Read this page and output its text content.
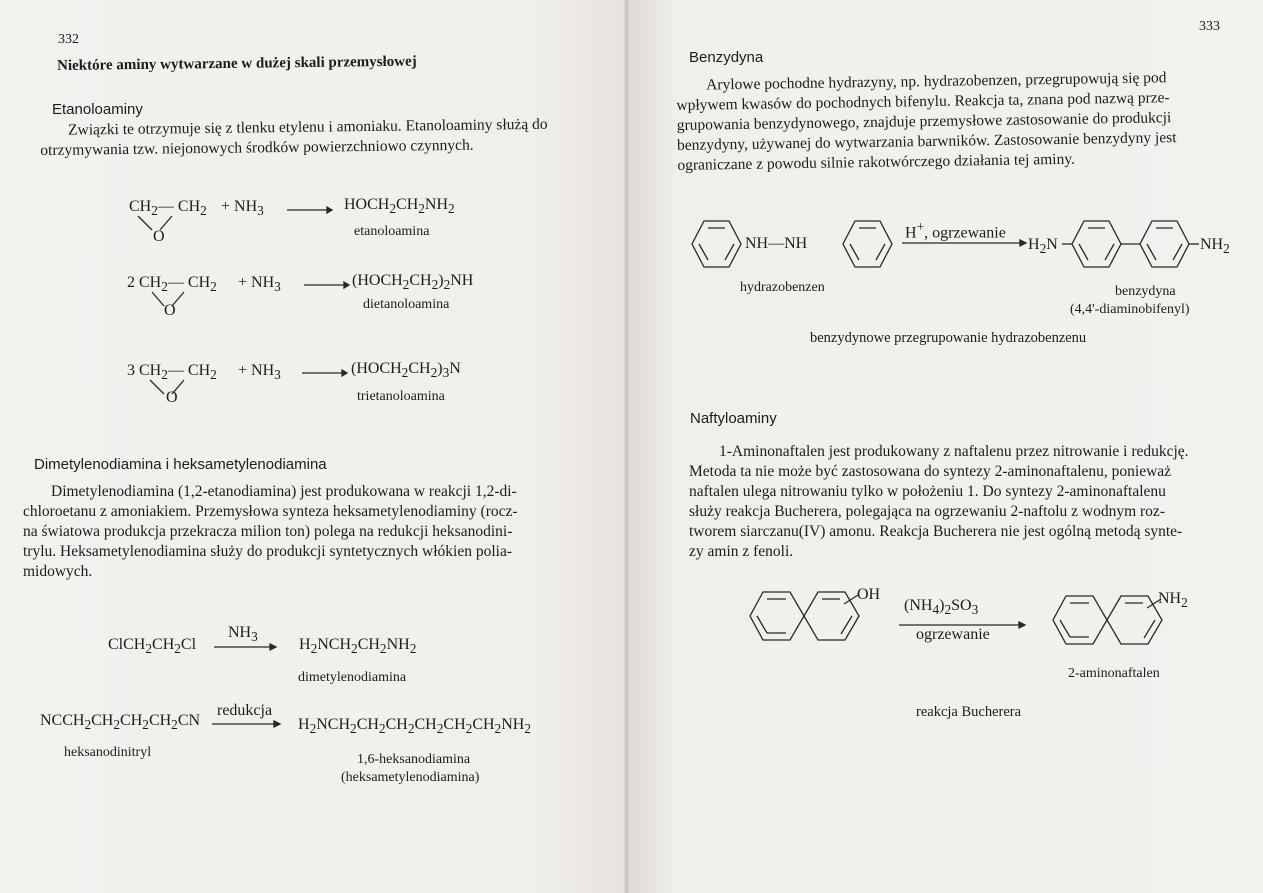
332
Niektóre aminy wytwarzane w dużej skali przemysłowej
Etanoloaminy
Związki te otrzymuje się z tlenku etylenu i amoniaku. Etanoloaminy służą do
otrzymywania tzw. niejonowych środków powierzchniowo czynnych.
$CH_2—$ $CH_2$
O
+ $NH_3$	$HOCH_2CH_2NH_2$
etanoloamina
2 $CH_2—$ $CH_2$
O
+ $NH_3$	$(HOCH_2CH_2)_2NH$
dietanoloamina
3 $CH_2—$ $CH_2$
O
+ $NH_3$	$(HOCH_2CH_2)_3N$
trietanoloamina
Dimetylenodiamina i heksametylenodiamina
Dimetylenodiamina (1,2-etanodiamina) jest produkowana w reakcji 1,2-di-
chloroetanu z amoniakiem. Przemysłowa synteza heksametylenodiaminy (rocz-
na światowa produkcja przekracza milion ton) polega na redukcji heksanodini-
trylu. Heksametylenodiamina służy do produkcji syntetycznych włókien polia-
midowych.
$ClCH_2CH_2Cl$
$NH_3$	$H_2NCH_2CH_2NH_2$
dimetylenodiamina
$NCCH_2CH_2CH_2CH_2CN$
heksanodinitryl
redukcja
$H_2NCH_2CH_2CH_2CH_2CH_2CH_2NH_2$
1,6-heksanodiamina
(heksametylenodiamina)
333
Benzydyna
Arylowe pochodne hydrazyny, np. hydrazobenzen, przegrupowują się pod
wpływem kwasów do pochodnych bifenylu. Reakcja ta, znana pod nazwą prze-
grupowania benzydynowego, znajduje przemysłowe zastosowanie do produkcji
benzydyny, używanej do wytwarzania barwników. Zastosowanie benzydyny jest
ograniczane z powodu silnie rakotwórczego działania tej aminy.
NH—NH
hydrazobenzen
H+, ogrzewanie
$H_2N$	$NH_2$
benzydyna
(4,4'-diaminobifenyl)
benzydynowe przegrupowanie hydrazobenzenu
Naftyloaminy
1-Aminonaftalen jest produkowany z naftalenu przez nitrowanie i redukcję.
Metoda ta nie może być zastosowana do syntezy 2-aminonaftalenu, ponieważ
naftalen ulega nitrowaniu tylko w położeniu 1. Do syntezy 2-aminonaftalenu
służy reakcja Bucherera, polegająca na ogrzewaniu 2-naftolu z wodnym roz-
tworem siarczanu(IV) amonu. Reakcja Bucherera nie jest ogólną metodą synte-
zy amin z fenoli.
OH
$(NH_4)_2SO_3$
ogrzewanie
$NH_2$
2-aminonaftalen
reakcja Bucherera
